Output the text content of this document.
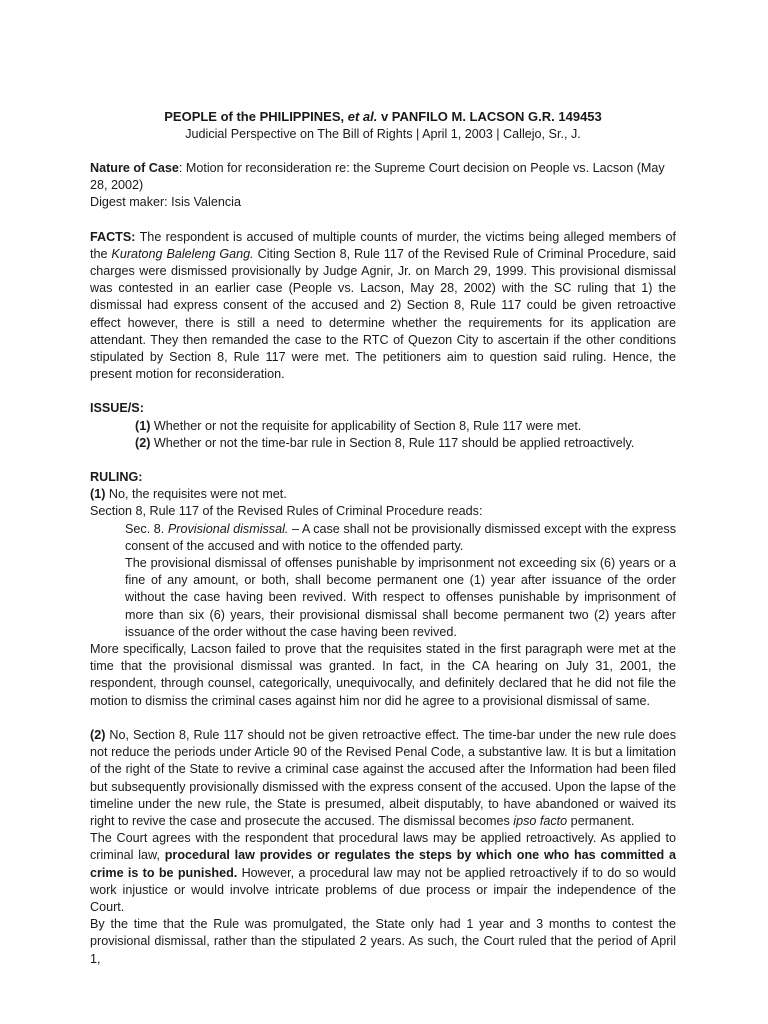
PEOPLE of the PHILIPPINES, et al. v PANFILO M. LACSON G.R. 149453
Judicial Perspective on The Bill of Rights | April 1, 2003 | Callejo, Sr., J.

Nature of Case: Motion for reconsideration re: the Supreme Court decision on People vs. Lacson (May 28, 2002)

Digest maker: Isis Valencia

FACTS: The respondent is accused of multiple counts of murder, the victims being alleged members of the Kuratong Baleleng Gang. Citing Section 8, Rule 117 of the Revised Rule of Criminal Procedure, said charges were dismissed provisionally by Judge Agnir, Jr. on March 29, 1999. This provisional dismissal was contested in an earlier case (People vs. Lacson, May 28, 2002) with the SC ruling that 1) the dismissal had express consent of the accused and 2) Section 8, Rule 117 could be given retroactive effect however, there is still a need to determine whether the requirements for its application are attendant. They then remanded the case to the RTC of Quezon City to ascertain if the other conditions stipulated by Section 8, Rule 117 were met. The petitioners aim to question said ruling. Hence, the present motion for reconsideration.

ISSUE/S:

(1) Whether or not the requisite for applicability of Section 8, Rule 117 were met.

(2) Whether or not the time-bar rule in Section 8, Rule 117 should be applied retroactively.

RULING:

(1) No, the requisites were not met.

Section 8, Rule 117 of the Revised Rules of Criminal Procedure reads:

Sec. 8. Provisional dismissal. – A case shall not be provisionally dismissed except with the express consent of the accused and with notice to the offended party.

The provisional dismissal of offenses punishable by imprisonment not exceeding six (6) years or a fine of any amount, or both, shall become permanent one (1) year after issuance of the order without the case having been revived. With respect to offenses punishable by imprisonment of more than six (6) years, their provisional dismissal shall become permanent two (2) years after issuance of the order without the case having been revived.

More specifically, Lacson failed to prove that the requisites stated in the first paragraph were met at the time that the provisional dismissal was granted. In fact, in the CA hearing on July 31, 2001, the respondent, through counsel, categorically, unequivocally, and definitely declared that he did not file the motion to dismiss the criminal cases against him nor did he agree to a provisional dismissal of same.

(2) No, Section 8, Rule 117 should not be given retroactive effect. The time-bar under the new rule does not reduce the periods under Article 90 of the Revised Penal Code, a substantive law. It is but a limitation of the right of the State to revive a criminal case against the accused after the Information had been filed but subsequently provisionally dismissed with the express consent of the accused. Upon the lapse of the timeline under the new rule, the State is presumed, albeit disputably, to have abandoned or waived its right to revive the case and prosecute the accused. The dismissal becomes ipso facto permanent.

The Court agrees with the respondent that procedural laws may be applied retroactively. As applied to criminal law, procedural law provides or regulates the steps by which one who has committed a crime is to be punished. However, a procedural law may not be applied retroactively if to do so would work injustice or would involve intricate problems of due process or impair the independence of the Court.

By the time that the Rule was promulgated, the State only had 1 year and 3 months to contest the provisional dismissal, rather than the stipulated 2 years. As such, the Court ruled that the period of April 1,
